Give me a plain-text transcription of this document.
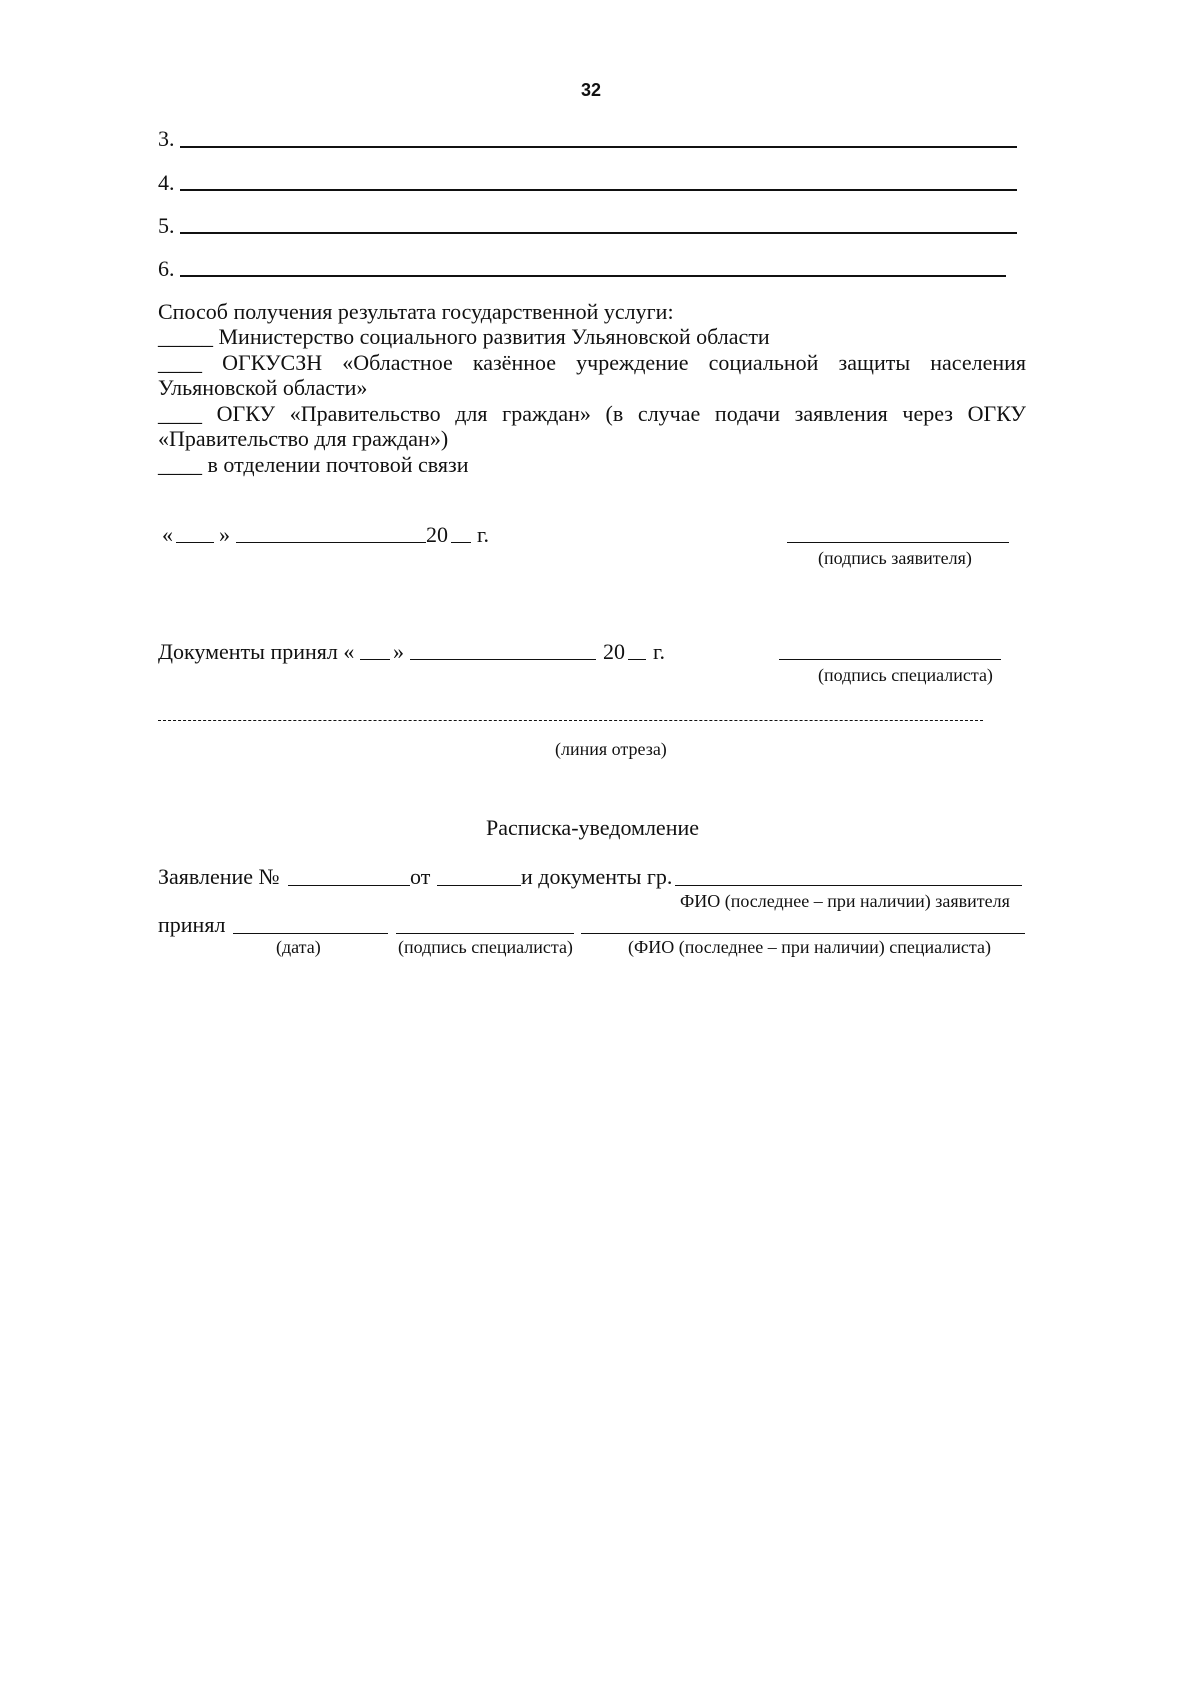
32
3.
4.
5.
6.
Способ получения результата государственной услуги:
_____ Министерство социального развития Ульяновской области
____ ОГКУСЗН «Областное казённое учреждение социальной защиты населения
Ульяновской области»
____ ОГКУ «Правительство для граждан» (в случае подачи заявления через ОГКУ
«Правительство для граждан»)
____ в отделении почтовой связи
« »	20 г.
(подпись заявителя)
Документы принял « »	20 г.
(подпись специалиста)
(линия отреза)
Расписка-уведомление
Заявление №	от	и документы гр.
ФИО (последнее – при наличии) заявителя
принял
(дата)	(подпись специалиста)	(ФИО (последнее – при наличии) специалиста)
